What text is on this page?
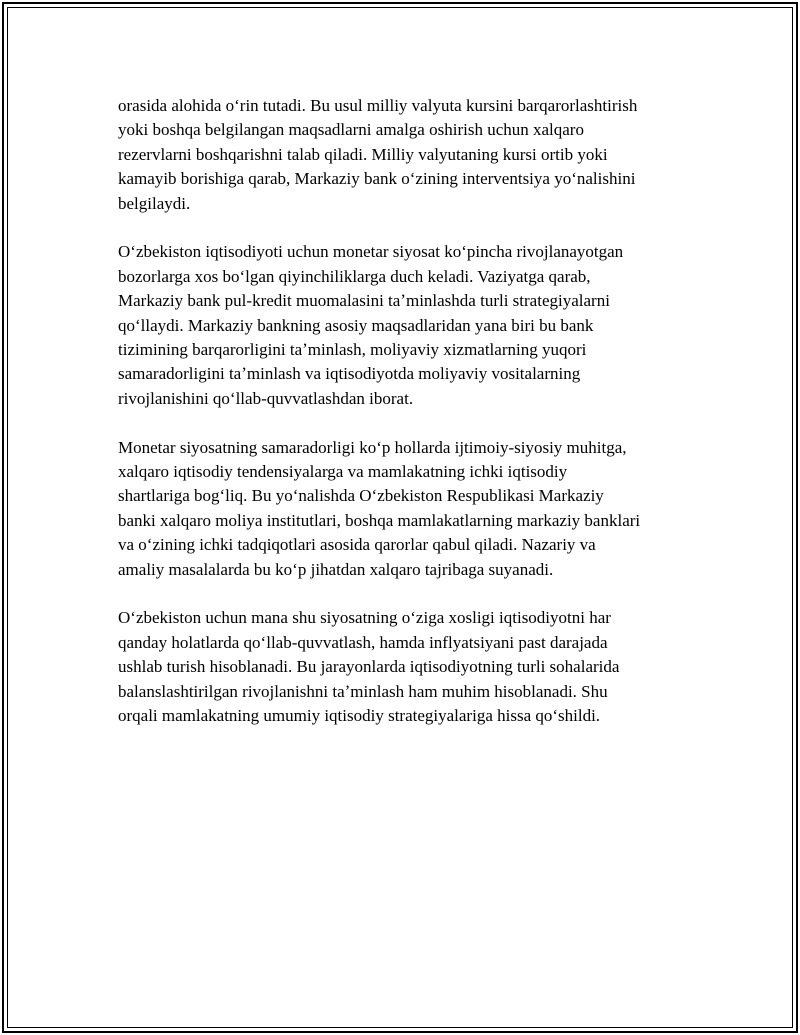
orasida alohida oʻrin tutadi. Bu usul milliy valyuta kursini barqarorlashtirish
yoki boshqa belgilangan maqsadlarni amalga oshirish uchun xalqaro
rezervlarni boshqarishni talab qiladi. Milliy valyutaning kursi ortib yoki
kamayib borishiga qarab, Markaziy bank oʻzining interventsiya yoʻnalishini
belgilaydi.

Oʻzbekiston iqtisodiyoti uchun monetar siyosat koʻpincha rivojlanayotgan
bozorlarga xos boʻlgan qiyinchiliklarga duch keladi. Vaziyatga qarab,
Markaziy bank pul-kredit muomalasini taʼminlashda turli strategiyalarni
qoʻllaydi. Markaziy bankning asosiy maqsadlaridan yana biri bu bank
tizimining barqarorligini taʼminlash, moliyaviy xizmatlarning yuqori
samaradorligini taʼminlash va iqtisodiyotda moliyaviy vositalarning
rivojlanishini qoʻllab-quvvatlashdan iborat.

Monetar siyosatning samaradorligi koʻp hollarda ijtimoiy-siyosiy muhitga,
xalqaro iqtisodiy tendensiyalarga va mamlakatning ichki iqtisodiy
shartlariga bogʻliq. Bu yoʻnalishda Oʻzbekiston Respublikasi Markaziy
banki xalqaro moliya institutlari, boshqa mamlakatlarning markaziy banklari
va oʻzining ichki tadqiqotlari asosida qarorlar qabul qiladi. Nazariy va
amaliy masalalarda bu koʻp jihatdan xalqaro tajribaga suyanadi.

Oʻzbekiston uchun mana shu siyosatning oʻziga xosligi iqtisodiyotni har
qanday holatlarda qoʻllab-quvvatlash, hamda inflyatsiyani past darajada
ushlab turish hisoblanadi. Bu jarayonlarda iqtisodiyotning turli sohalarida
balanslashtirilgan rivojlanishni taʼminlash ham muhim hisoblanadi. Shu
orqali mamlakatning umumiy iqtisodiy strategiyalariga hissa qoʻshildi.
